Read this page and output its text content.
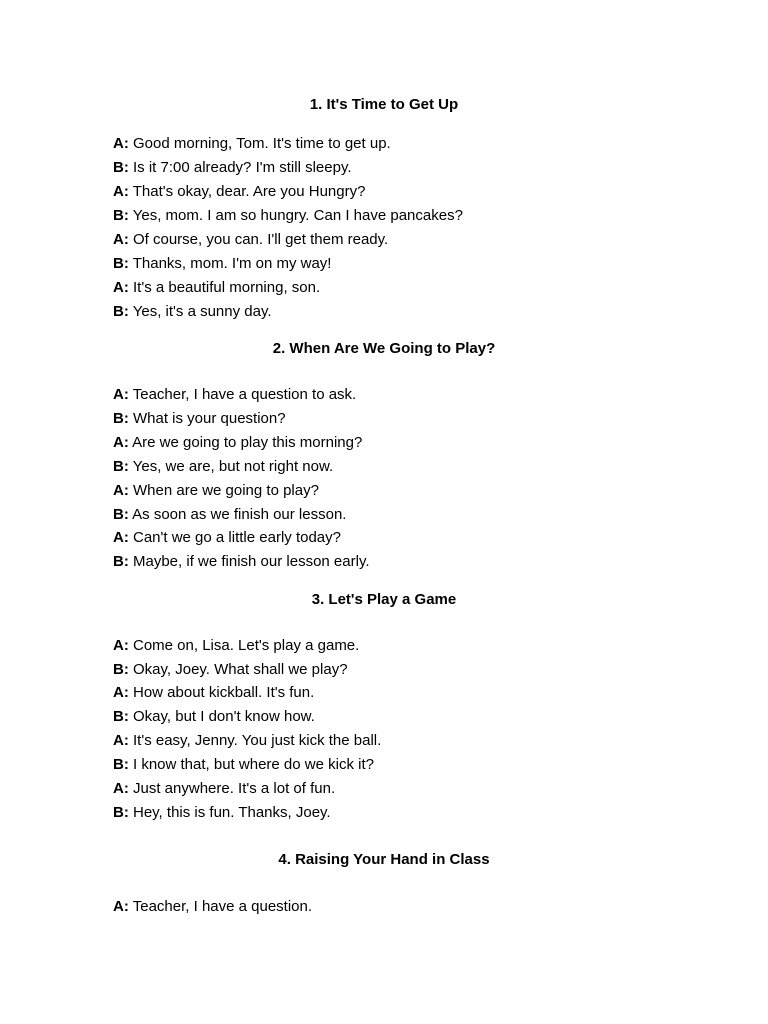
1. It's Time to Get Up
A: Good morning, Tom. It's time to get up.
B: Is it 7:00 already? I'm still sleepy.
A: That's okay, dear. Are you Hungry?
B: Yes, mom. I am so hungry. Can I have pancakes?
A: Of course, you can. I'll get them ready.
B: Thanks, mom. I'm on my way!
A: It's a beautiful morning, son.
B: Yes, it's a sunny day.
2. When Are We Going to Play?
A: Teacher, I have a question to ask.
B: What is your question?
A: Are we going to play this morning?
B: Yes, we are, but not right now.
A: When are we going to play?
B: As soon as we finish our lesson.
A: Can't we go a little early today?
B: Maybe, if we finish our lesson early.
3. Let's Play a Game
A: Come on, Lisa. Let's play a game.
B: Okay, Joey. What shall we play?
A: How about kickball. It's fun.
B: Okay, but I don't know how.
A: It's easy, Jenny. You just kick the ball.
B: I know that, but where do we kick it?
A: Just anywhere. It's a lot of fun.
B: Hey, this is fun. Thanks, Joey.
4. Raising Your Hand in Class
A: Teacher, I have a question.
